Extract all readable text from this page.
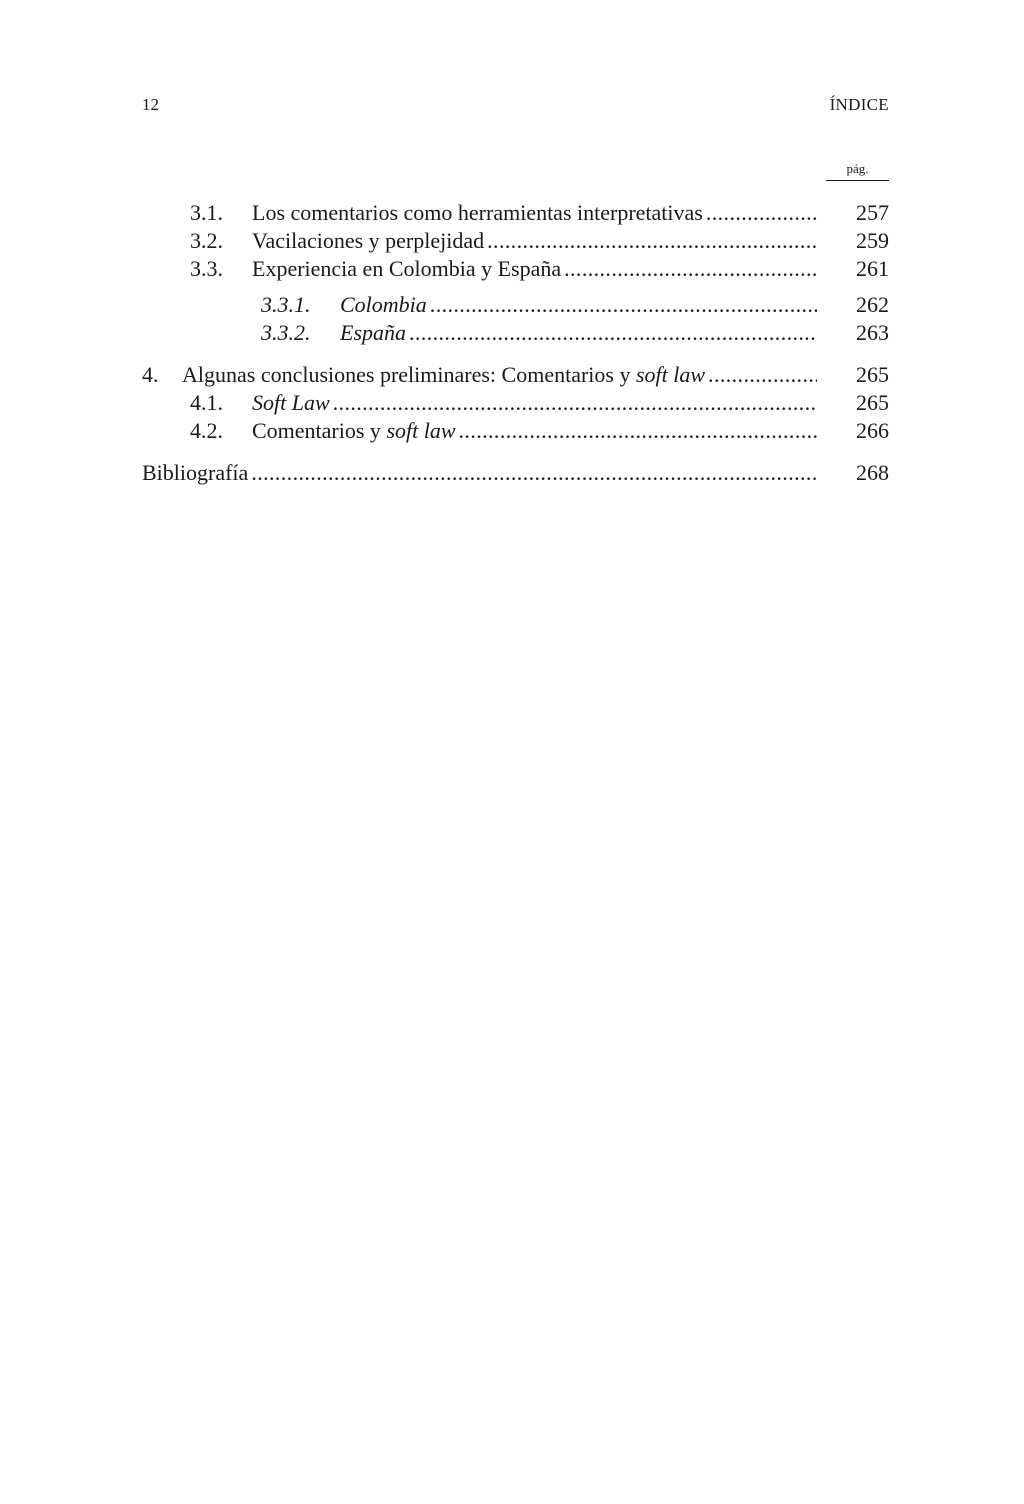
12	ÍNDICE
pág.
3.1. Los comentarios como herramientas interpretativas .....	257
3.2. Vacilaciones y perplejidad .....	259
3.3. Experiencia en Colombia y España .....	261
3.3.1. Colombia .....	262
3.3.2. España .....	263
4. Algunas conclusiones preliminares: Comentarios y soft law .....	265
4.1. Soft Law .....	265
4.2. Comentarios y soft law .....	266
Bibliografía .....	268
